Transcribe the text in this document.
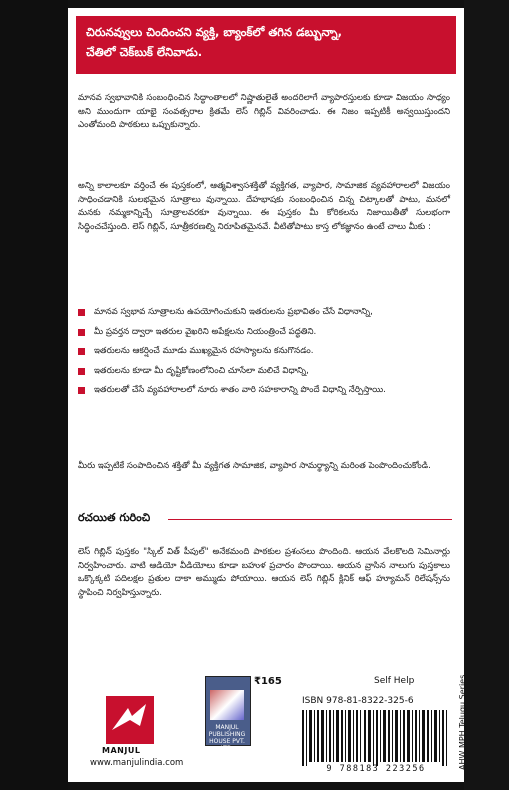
చిరునవ్వులు చిందించని వ్యక్తి, బ్యాంక్‌లో తగిన డబ్బున్నా,
చేతిలో చెక్‌బుక్ లేనివాడు.
మానవ స్వభావానికి సంబంధించిన సిద్ధాంతాలలో నిష్ణాతులైతే అందరిలాగే వ్యాపారస్తులకు కూడా విజయం సాధ్యం అని ముందుగా యాభై సంవత్సరాల క్రితమే లెస్ గిబ్లిన్ వివరించాడు. ఈ నిజం ఇప్పటికీ అన్వయిస్తుందని ఎంతోమంది పాఠకులు ఒప్పుకున్నారు.
అన్ని కాలాలకూ వర్తించే ఈ పుస్తకంలో, ఆత్మవిశ్వాసశక్తితో వ్యక్తిగత, వ్యాపార, సామాజిక వ్యవహారాలలో విజయం సాధించడానికి సులభమైన సూత్రాలు వున్నాయి. దేహభాషకు సంబంధించిన చిన్న చిట్కాలతో పాటు, మనలో మనకు నమ్మకాన్నిచ్చే సూత్రాలవరకూ వున్నాయి. ఈ పుస్తకం మీ కోరికలను నిజాయితీతో సులభంగా సిద్ధించచేస్తుంది. లెస్ గిబ్లిన్, సూత్రీకరణల్ని నిరూపితమైనవే. వీటితోపాటు కాస్త లోకజ్ఞానం ఉంటే చాలు మీకు :
మానవ స్వభావ సూత్రాలను ఉపయోగించుకుని ఇతరులను ప్రభావితం చేసే విధానాన్ని,
మీ ప్రవర్తన ద్వారా ఇతరుల వైఖరిని అపేక్షలను నియంత్రించే పద్ధతిని.
ఇతరులను ఆకర్షించే మూడు ముఖ్యమైన రహస్యాలను కనుగొనడం.
ఇతరులను కూడా మీ దృష్టికోణంలోనించి చూసేలా మలిచే విధాన్ని,
ఇతరులతో చేసే వ్యవహారాలలో నూరు శాతం వారి సహకారాన్ని పొందే విధాన్ని నేర్పిస్తాయి.
మీరు ఇప్పటికే సంపాదించిన శక్తితో మీ వ్యక్తిగత సామాజిక, వ్యాపార సామర్థ్యాన్ని మరింత పెంపొందించుకోండి.
రచయిత గురించి
లెస్ గిబ్లిన్ పుస్తకం "స్కిల్ విత్ పీపుల్" అనేకమంది పాఠకుల ప్రశంసలు పొందింది. ఆయన వేలకొలది సెమినార్లు నిర్వహించారు. వాటి ఆడియో వీడియోలు కూడా బహుళ ప్రచారం పొందాయి. ఆయన వ్రాసిన నాలుగు పుస్తకాలు ఒక్కొక్కటి పదిలక్షల ప్రతుల దాకా అమ్ముడు పోయాయి. ఆయన లెస్ గిబ్లిన్ క్లినిక్ ఆఫ్ హ్యూమన్ రిలేషన్స్‌ను స్థాపించి నిర్వహిస్తున్నారు.
MANJUL
www.manjulindia.com
MANJUL PUBLISHING HOUSE PVT. LTD.
₹165	Self Help
ISBN 978-81-8322-325-6
9 788183 223256	AHW MPH Telugu Series
